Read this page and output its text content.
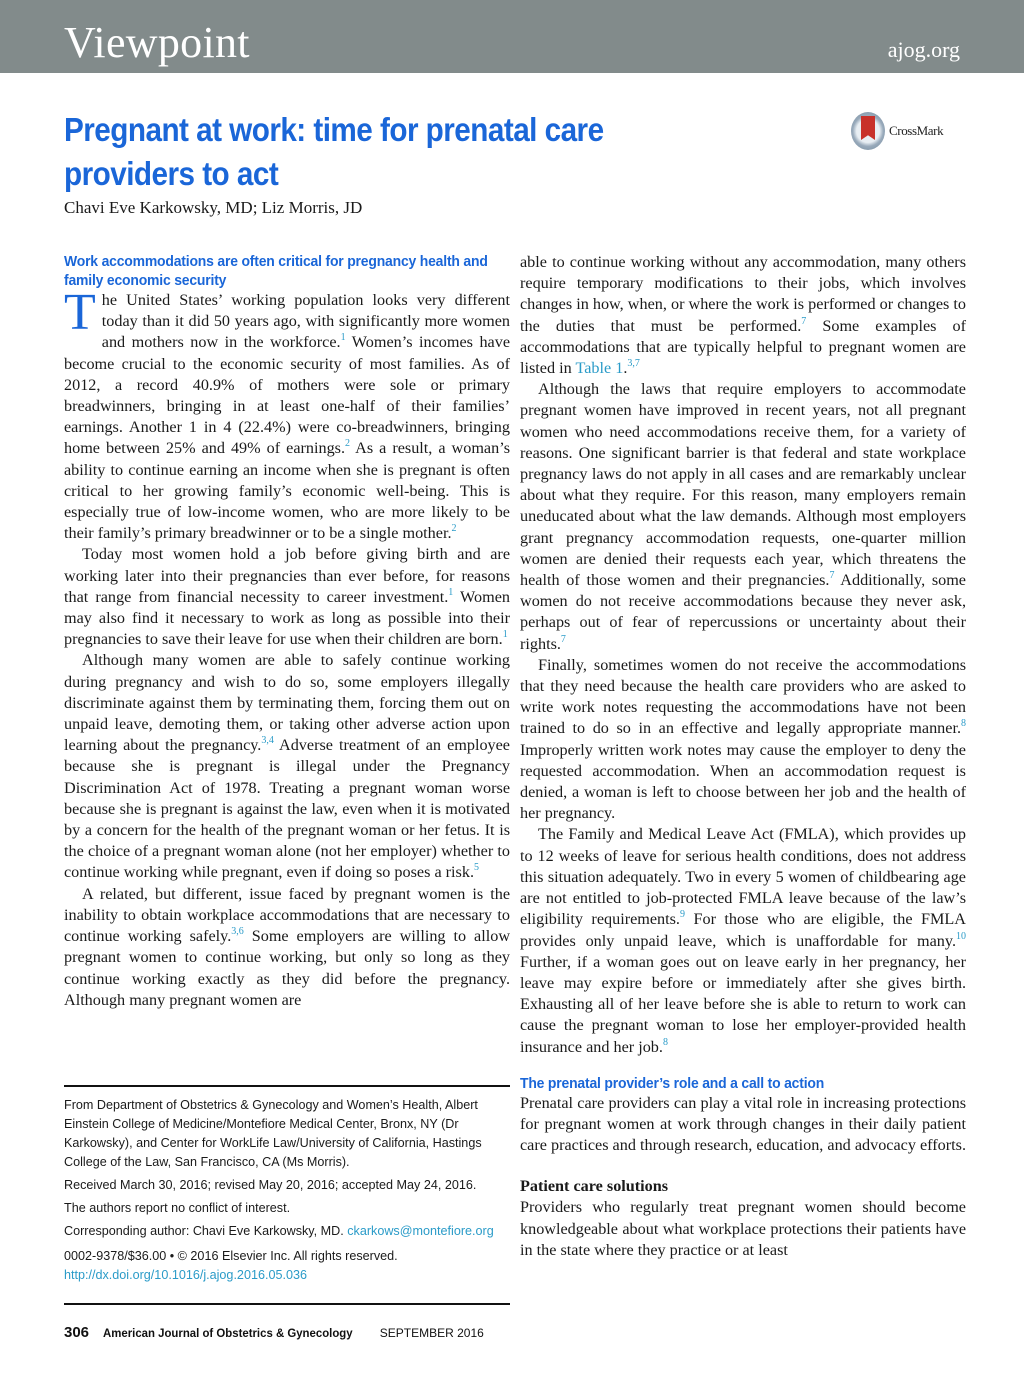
Viewpoint	ajog.org
Pregnant at work: time for prenatal care providers to act
CrossMark
Chavi Eve Karkowsky, MD; Liz Morris, JD
Work accommodations are often critical for pregnancy health and family economic security

The United States’ working population looks very different today than it did 50 years ago, with significantly more women and mothers now in the workforce.$^1$ Women’s incomes have become crucial to the economic security of most families. As of 2012, a record 40.9% of mothers were sole or primary breadwinners, bringing in at least one-half of their families’ earnings. Another 1 in 4 (22.4%) were co-breadwinners, bringing home between 25% and 49% of earnings.$^2$ As a result, a woman’s ability to continue earning an income when she is pregnant is often critical to her growing family’s economic well-being. This is especially true of low-income women, who are more likely to be their family’s primary breadwinner or to be a single mother.$^2$

Today most women hold a job before giving birth and are working later into their pregnancies than ever before, for reasons that range from financial necessity to career investment.$^1$ Women may also find it necessary to work as long as possible into their pregnancies to save their leave for use when their children are born.$^1$

Although many women are able to safely continue working during pregnancy and wish to do so, some employers illegally discriminate against them by terminating them, forcing them out on unpaid leave, demoting them, or taking other adverse action upon learning about the pregnancy.$^{3,4}$ Adverse treatment of an employee because she is pregnant is illegal under the Pregnancy Discrimination Act of 1978. Treating a pregnant woman worse because she is pregnant is against the law, even when it is motivated by a concern for the health of the pregnant woman or her fetus. It is the choice of a pregnant woman alone (not her employer) whether to continue working while pregnant, even if doing so poses a risk.$^5$

A related, but different, issue faced by pregnant women is the inability to obtain workplace accommodations that are necessary to continue working safely.$^{3,6}$ Some employers are willing to allow pregnant women to continue working, but only so long as they continue working exactly as they did before the pregnancy. Although many pregnant women are

able to continue working without any accommodation, many others require temporary modifications to their jobs, which involves changes in how, when, or where the work is performed or changes to the duties that must be performed.$^7$ Some examples of accommodations that are typically helpful to pregnant women are listed in Table 1.$^{3,7}$

Although the laws that require employers to accommodate pregnant women have improved in recent years, not all pregnant women who need accommodations receive them, for a variety of reasons. One significant barrier is that federal and state workplace pregnancy laws do not apply in all cases and are remarkably unclear about what they require. For this reason, many employers remain uneducated about what the law demands. Although most employers grant pregnancy accommodation requests, one-quarter million women are denied their requests each year, which threatens the health of those women and their pregnancies.$^7$ Additionally, some women do not receive accommodations because they never ask, perhaps out of fear of repercussions or uncertainty about their rights.$^7$

Finally, sometimes women do not receive the accommodations that they need because the health care providers who are asked to write work notes requesting the accommodations have not been trained to do so in an effective and legally appropriate manner.$^8$ Improperly written work notes may cause the employer to deny the requested accommodation. When an accommodation request is denied, a woman is left to choose between her job and the health of her pregnancy.

The Family and Medical Leave Act (FMLA), which provides up to 12 weeks of leave for serious health conditions, does not address this situation adequately. Two in every 5 women of childbearing age are not entitled to job-protected FMLA leave because of the law’s eligibility requirements.$^9$ For those who are eligible, the FMLA provides only unpaid leave, which is unaffordable for many.$^{10}$ Further, if a woman goes out on leave early in her pregnancy, her leave may expire before or immediately after she gives birth. Exhausting all of her leave before she is able to return to work can cause the pregnant woman to lose her employer-provided health insurance and her job.$^8$

The prenatal provider’s role and a call to action

Prenatal care providers can play a vital role in increasing protections for pregnant women at work through changes in their daily patient care practices and through research, education, and advocacy efforts.

Patient care solutions

Providers who regularly treat pregnant women should become knowledgeable about what workplace protections their patients have in the state where they practice or at least

From Department of Obstetrics & Gynecology and Women’s Health, Albert Einstein College of Medicine/Montefiore Medical Center, Bronx, NY (Dr Karkowsky), and Center for WorkLife Law/University of California, Hastings College of the Law, San Francisco, CA (Ms Morris).

Received March 30, 2016; revised May 20, 2016; accepted May 24, 2016.

The authors report no conflict of interest.

Corresponding author: Chavi Eve Karkowsky, MD. ckarkows@montefiore.org

0002-9378/$36.00 • © 2016 Elsevier Inc. All rights reserved.

http://dx.doi.org/10.1016/j.ajog.2016.05.036

306 American Journal of Obstetrics & Gynecology SEPTEMBER 2016
